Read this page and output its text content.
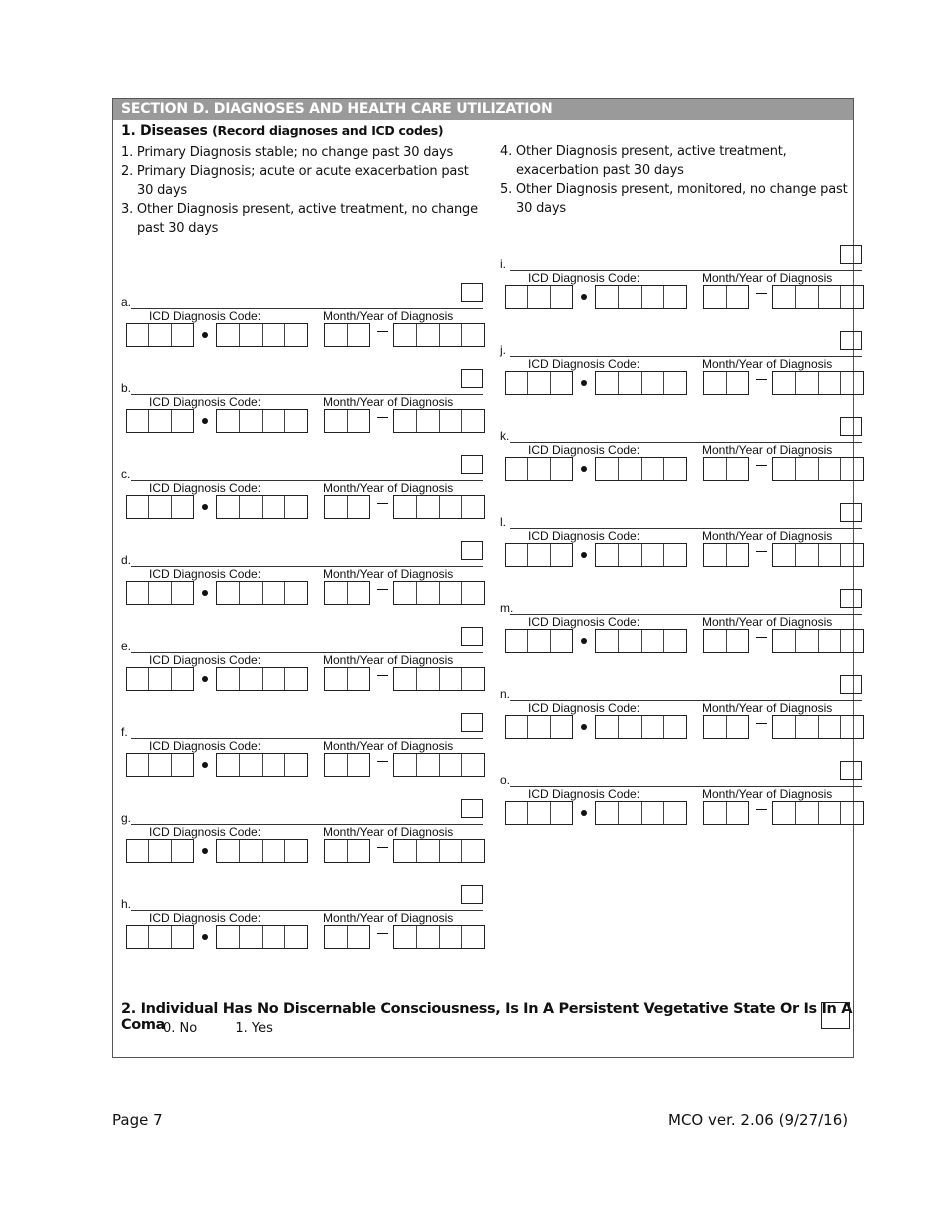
SECTION D. DIAGNOSES AND HEALTH CARE UTILIZATION
1. Diseases (Record diagnoses and ICD codes)
1. Primary Diagnosis stable; no change past 30 days
2. Primary Diagnosis; acute or acute exacerbation past 30 days
3. Other Diagnosis present, active treatment, no change past 30 days
4. Other Diagnosis present, active treatment, exacerbation past 30 days
5. Other Diagnosis present, monitored, no change past 30 days
a.
ICD Diagnosis Code:	Month/Year of Diagnosis
b.
ICD Diagnosis Code:	Month/Year of Diagnosis
c.
ICD Diagnosis Code:	Month/Year of Diagnosis
d.
ICD Diagnosis Code:	Month/Year of Diagnosis
e.
ICD Diagnosis Code:	Month/Year of Diagnosis
f.
ICD Diagnosis Code:	Month/Year of Diagnosis
g.
ICD Diagnosis Code:	Month/Year of Diagnosis
h.
ICD Diagnosis Code:	Month/Year of Diagnosis
i.
ICD Diagnosis Code:	Month/Year of Diagnosis
j.
ICD Diagnosis Code:	Month/Year of Diagnosis
k.
ICD Diagnosis Code:	Month/Year of Diagnosis
l.
ICD Diagnosis Code:	Month/Year of Diagnosis
m.
ICD Diagnosis Code:	Month/Year of Diagnosis
n.
ICD Diagnosis Code:	Month/Year of Diagnosis
o.
ICD Diagnosis Code:	Month/Year of Diagnosis
2. Individual Has No Discernable Consciousness, Is In A Persistent Vegetative State Or Is In A Coma
0. No	1. Yes
Page 7	MCO ver. 2.06 (9/27/16)
